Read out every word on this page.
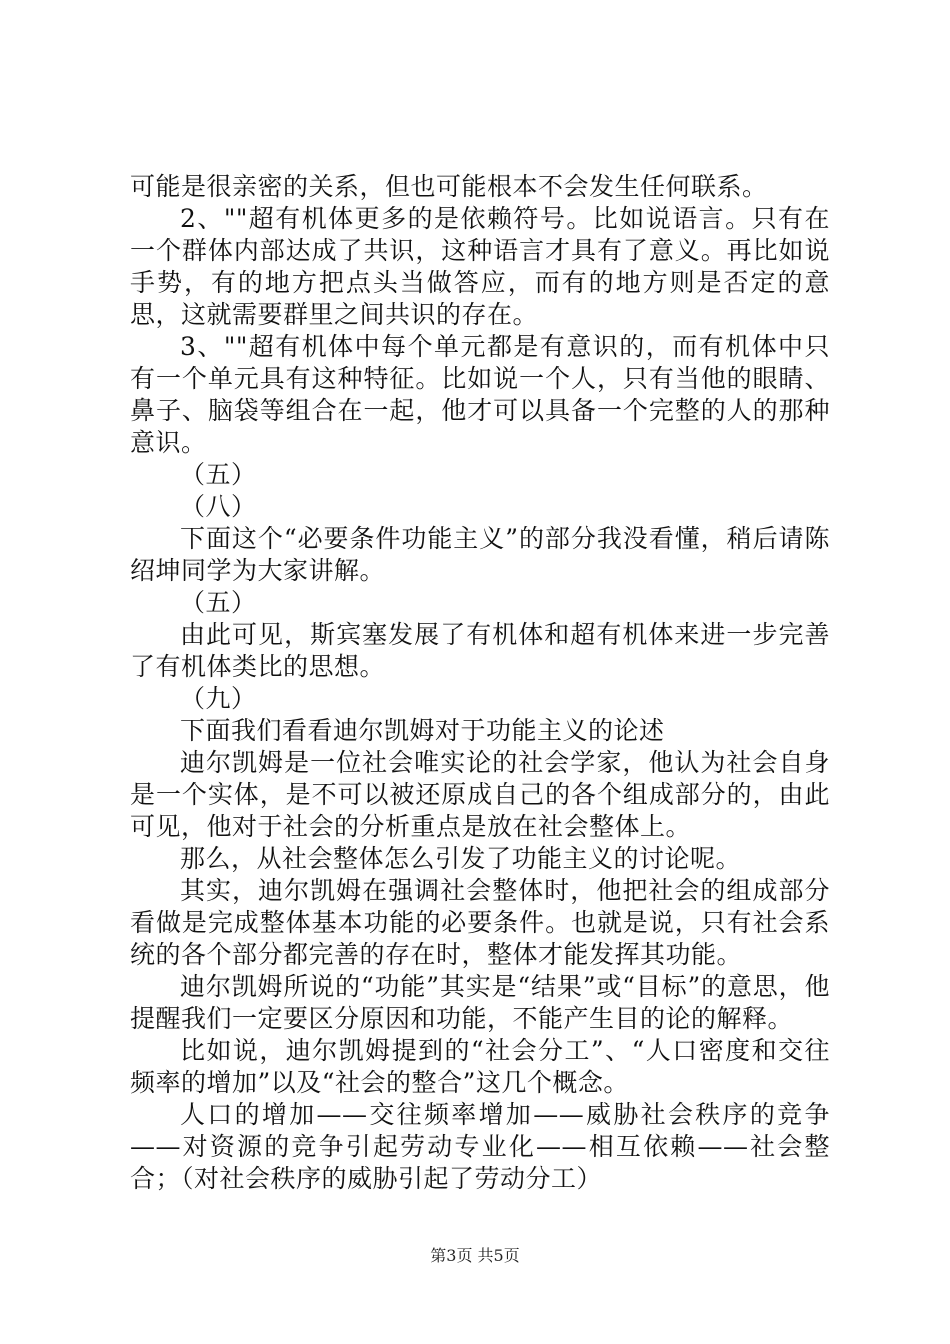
可能是很亲密的关系，但也可能根本不会发生任何联系。

2、""超有机体更多的是依赖符号。比如说语言。只有在一个群体内部达成了共识，这种语言才具有了意义。再比如说手势，有的地方把点头当做答应，而有的地方则是否定的意思，这就需要群里之间共识的存在。

3、""超有机体中每个单元都是有意识的，而有机体中只有一个单元具有这种特征。比如说一个人，只有当他的眼睛、鼻子、脑袋等组合在一起，他才可以具备一个完整的人的那种意识。

（五）

（八）

下面这个“必要条件功能主义”的部分我没看懂，稍后请陈绍坤同学为大家讲解。

（五）

由此可见，斯宾塞发展了有机体和超有机体来进一步完善了有机体类比的思想。

（九）

下面我们看看迪尔凯姆对于功能主义的论述

迪尔凯姆是一位社会唯实论的社会学家，他认为社会自身是一个实体，是不可以被还原成自己的各个组成部分的，由此可见，他对于社会的分析重点是放在社会整体上。

那么，从社会整体怎么引发了功能主义的讨论呢。

其实，迪尔凯姆在强调社会整体时，他把社会的组成部分看做是完成整体基本功能的必要条件。也就是说，只有社会系统的各个部分都完善的存在时，整体才能发挥其功能。

迪尔凯姆所说的“功能”其实是“结果”或“目标”的意思，他提醒我们一定要区分原因和功能，不能产生目的论的解释。

比如说，迪尔凯姆提到的“社会分工”、“人口密度和交往频率的增加”以及“社会的整合”这几个概念。

人口的增加——交往频率增加——威胁社会秩序的竞争——对资源的竞争引起劳动专业化——相互依赖——社会整合；（对社会秩序的威胁引起了劳动分工）

第3页 共5页
